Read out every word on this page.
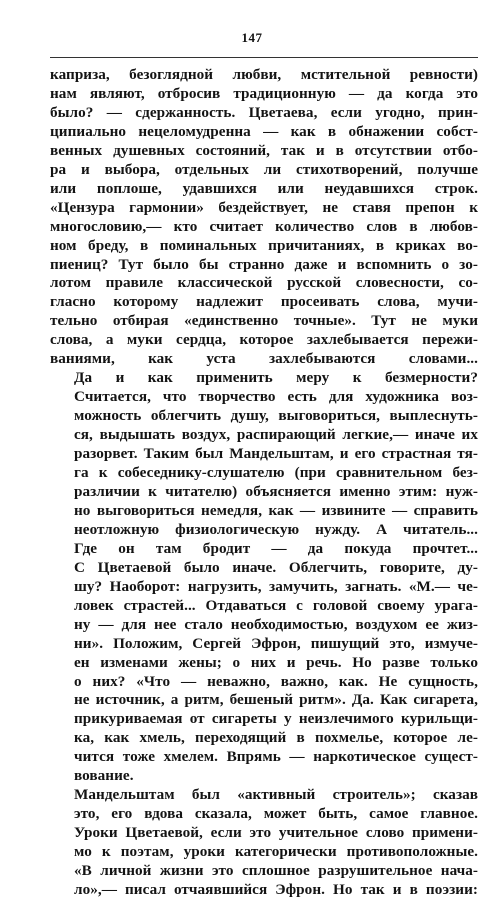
147
каприза, безоглядной любви, мстительной ревности)
нам являют, отбросив традиционную — да когда это
было? — сдержанность. Цветаева, если угодно, прин-
ципиально нецеломудренна — как в обнажении собст-
венных душевных состояний, так и в отсутствии отбо-
ра и выбора, отдельных ли стихотворений, получше
или поплоше, удавшихся или неудавшихся строк.
«Цензура гармонии» бездействует, не ставя препон к
многословию,— кто считает количество слов в любов-
ном бреду, в поминальных причитаниях, в криках во-
пиениц? Тут было бы странно даже и вспомнить о зо-
лотом правиле классической русской словесности, со-
гласно которому надлежит просеивать слова, мучи-
тельно отбирая «единственно точные». Тут не муки
слова, а муки сердца, которое захлебывается пережи-
ваниями, как уста захлебываются словами...
Да и как применить меру к безмерности?
Считается, что творчество есть для художника воз-
можность облегчить душу, выговориться, выплеснуть-
ся, выдышать воздух, распирающий легкие,— иначе их
разорвет. Таким был Мандельштам, и его страстная тя-
га к собеседнику-слушателю (при сравнительном без-
различии к читателю) объясняется именно этим: нуж-
но выговориться немедля, как — извините — справить
неотложную физиологическую нужду. А читатель...
Где он там бродит — да покуда прочтет...
С Цветаевой было иначе. Облегчить, говорите, ду-
шу? Наоборот: нагрузить, замучить, загнать. «М.— че-
ловек страстей... Отдаваться с головой своему урага-
ну — для нее стало необходимостью, воздухом ее жиз-
ни». Положим, Сергей Эфрон, пишущий это, измуче-
ен изменами жены; о них и речь. Но разве только
о них? «Что — неважно, важно, как. Не сущность,
не источник, а ритм, бешеный ритм». Да. Как сигарета,
прикуриваемая от сигареты у неизлечимого курильщи-
ка, как хмель, переходящий в похмелье, которое ле-
чится тоже хмелем. Впрямь — наркотическое сущест-
вование.
Мандельштам был «активный строитель»; сказав
это, его вдова сказала, может быть, самое главное.
Уроки Цветаевой, если это учительное слово примени-
мо к поэтам, уроки категорически противоположные.
«В личной жизни это сплошное разрушительное нача-
ло»,— писал отчаявшийся Эфрон. Но так и в поэзии:
